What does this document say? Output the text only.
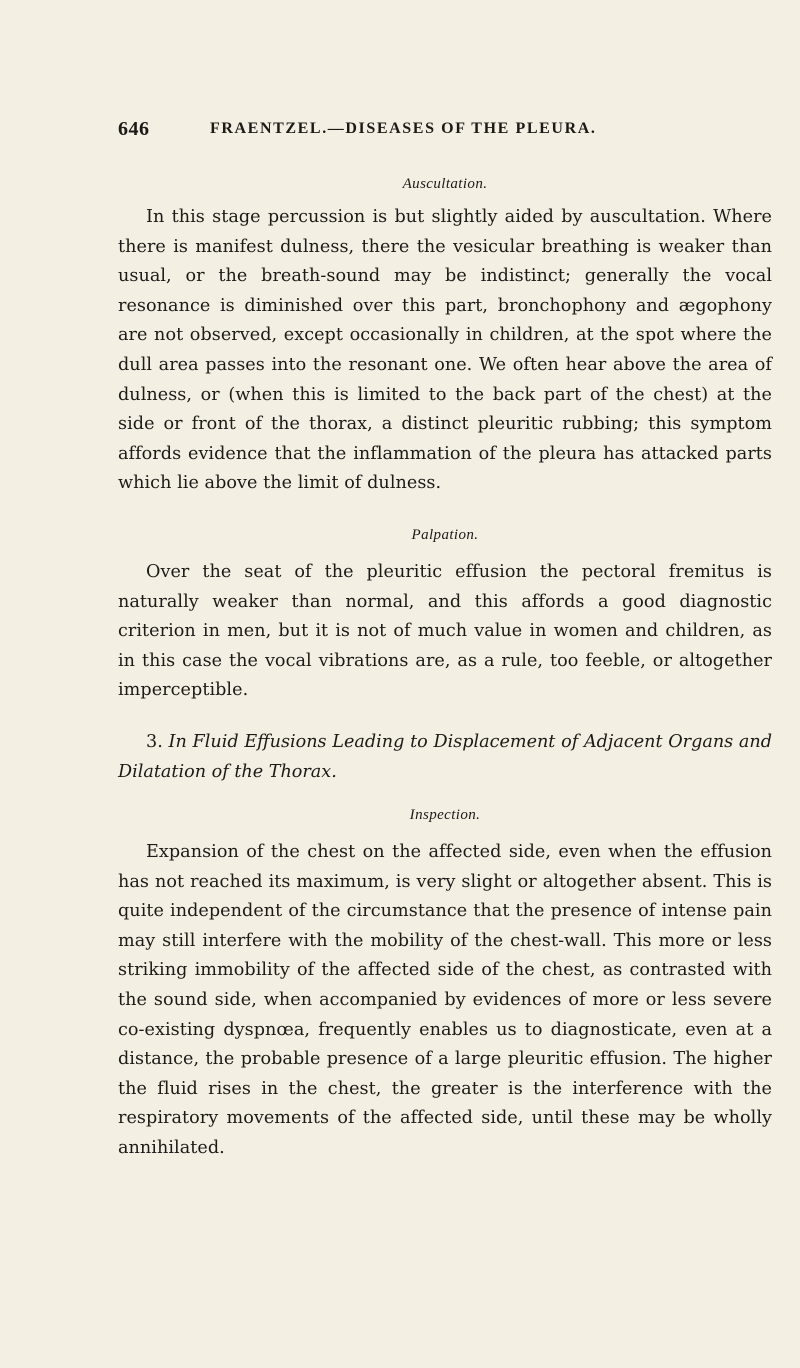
646	FRAENTZEL.—DISEASES OF THE PLEURA.

Auscultation.

In this stage percussion is but slightly aided by auscultation. Where there is manifest dulness, there the vesicular breathing is weaker than usual, or the breath-sound may be indistinct; generally the vocal resonance is diminished over this part, bronchophony and ægophony are not observed, except occasionally in children, at the spot where the dull area passes into the resonant one. We often hear above the area of dulness, or (when this is limited to the back part of the chest) at the side or front of the thorax, a distinct pleuritic rubbing; this symptom affords evidence that the inflammation of the pleura has attacked parts which lie above the limit of dulness.

Palpation.

Over the seat of the pleuritic effusion the pectoral fremitus is naturally weaker than normal, and this affords a good diagnostic criterion in men, but it is not of much value in women and children, as in this case the vocal vibrations are, as a rule, too feeble, or altogether imperceptible.

3. In Fluid Effusions Leading to Displacement of Adjacent Organs and Dilatation of the Thorax.

Inspection.

Expansion of the chest on the affected side, even when the effusion has not reached its maximum, is very slight or altogether absent. This is quite independent of the circumstance that the presence of intense pain may still interfere with the mobility of the chest-wall. This more or less striking immobility of the affected side of the chest, as contrasted with the sound side, when accompanied by evidences of more or less severe co-existing dyspnœa, frequently enables us to diagnosticate, even at a distance, the probable presence of a large pleuritic effusion. The higher the fluid rises in the chest, the greater is the interference with the respiratory movements of the affected side, until these may be wholly annihilated.
